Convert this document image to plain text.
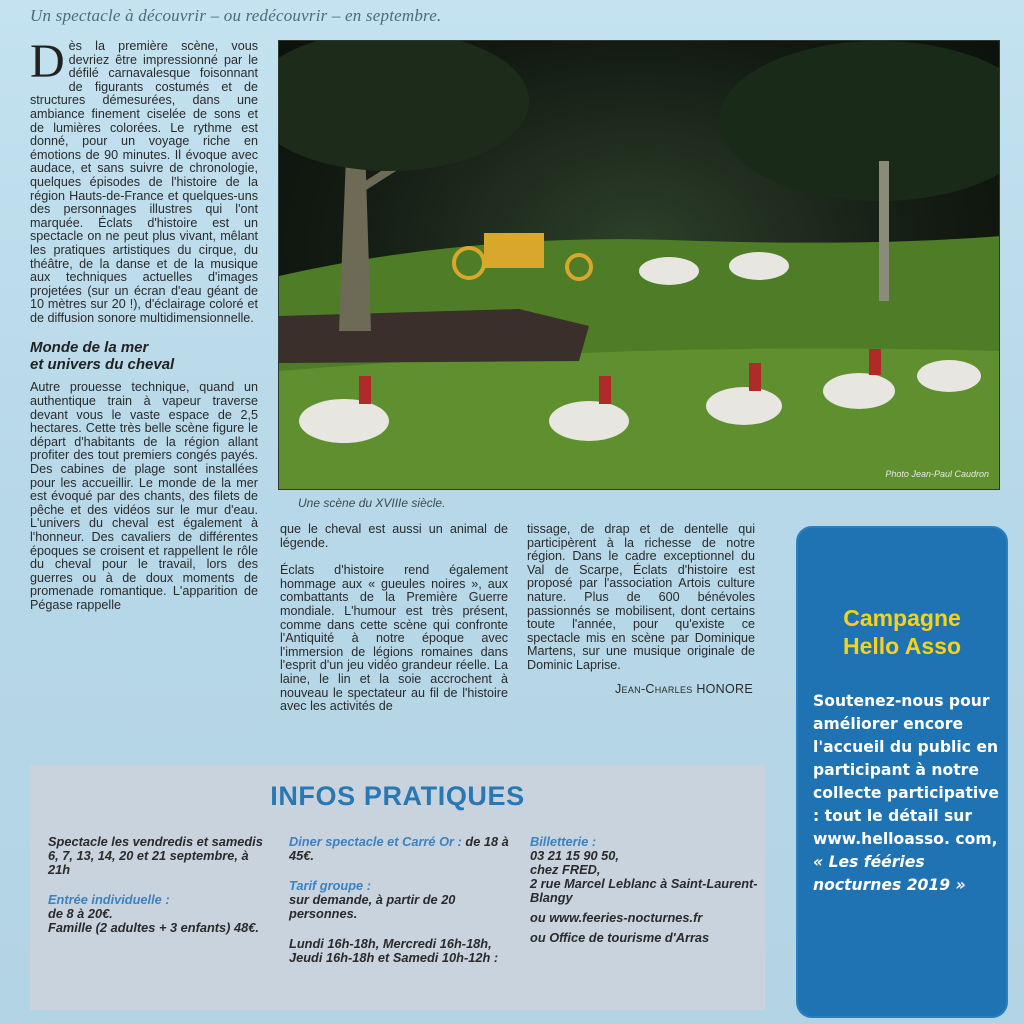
Un spectacle à découvrir – ou redécouvrir – en septembre.

Dès la première scène, vous devriez être impressionné par le défilé carnavalesque foisonnant de figurants costumés et de structures démesurées, dans une ambiance finement ciselée de sons et de lumières colorées. Le rythme est donné, pour un voyage riche en émotions de 90 minutes. Il évoque avec audace, et sans suivre de chronologie, quelques épisodes de l'histoire de la région Hauts-de-France et quelques-uns des personnages illustres qui l'ont marquée. Éclats d'histoire est un spectacle on ne peut plus vivant, mêlant les pratiques artistiques du cirque, du théâtre, de la danse et de la musique aux techniques actuelles d'images projetées (sur un écran d'eau géant de 10 mètres sur 20 !), d'éclairage coloré et de diffusion sonore multidimensionnelle.

Monde de la mer
et univers du cheval

Autre prouesse technique, quand un authentique train à vapeur traverse devant vous le vaste espace de 2,5 hectares. Cette très belle scène figure le départ d'habitants de la région allant profiter des tout premiers congés payés. Des cabines de plage sont installées pour les accueillir. Le monde de la mer est évoqué par des chants, des filets de pêche et des vidéos sur le mur d'eau. L'univers du cheval est également à l'honneur. Des cavaliers de différentes époques se croisent et rappellent le rôle du cheval pour le travail, lors des guerres ou à de doux moments de promenade romantique. L'apparition de Pégase rappelle

Photo Jean-Paul Caudron
Une scène du XVIIIe siècle.

que le cheval est aussi un animal de légende.

Éclats d'histoire rend également hommage aux « gueules noires », aux combattants de la Première Guerre mondiale. L'humour est très présent, comme dans cette scène qui confronte l'Antiquité à notre époque avec l'immersion de légions romaines dans l'esprit d'un jeu vidéo grandeur réelle. La laine, le lin et la soie accrochent à nouveau le spectateur au fil de l'histoire avec les activités de

tissage, de drap et de dentelle qui participèrent à la richesse de notre région. Dans le cadre exceptionnel du Val de Scarpe, Éclats d'histoire est proposé par l'association Artois culture nature. Plus de 600 bénévoles passionnés se mobilisent, dont certains toute l'année, pour qu'existe ce spectacle mis en scène par Dominique Martens, sur une musique originale de Dominic Laprise.

Jean-Charles HONORE
INFOS PRATIQUES
Spectacle les vendredis et samedis 6, 7, 13, 14, 20 et 21 septembre, à 21h
Entrée individuelle :
de 8 à 20€.
Famille (2 adultes + 3 enfants) 48€.
Diner spectacle et Carré Or : de 18 à 45€.
Tarif groupe :
sur demande, à partir de 20 personnes.
Lundi 16h-18h, Mercredi 16h-18h, Jeudi 16h-18h et Samedi 10h-12h :
Billetterie :
03 21 15 90 50,
chez FRED,
2 rue Marcel Leblanc à Saint-Laurent-Blangy
ou www.feeries-nocturnes.fr
ou Office de tourisme d'Arras
Campagne
Hello Asso
Soutenez-nous pour améliorer encore l'accueil du public en participant à notre collecte participative : tout le détail sur www.helloasso. com, « Les fééries nocturnes 2019 »
